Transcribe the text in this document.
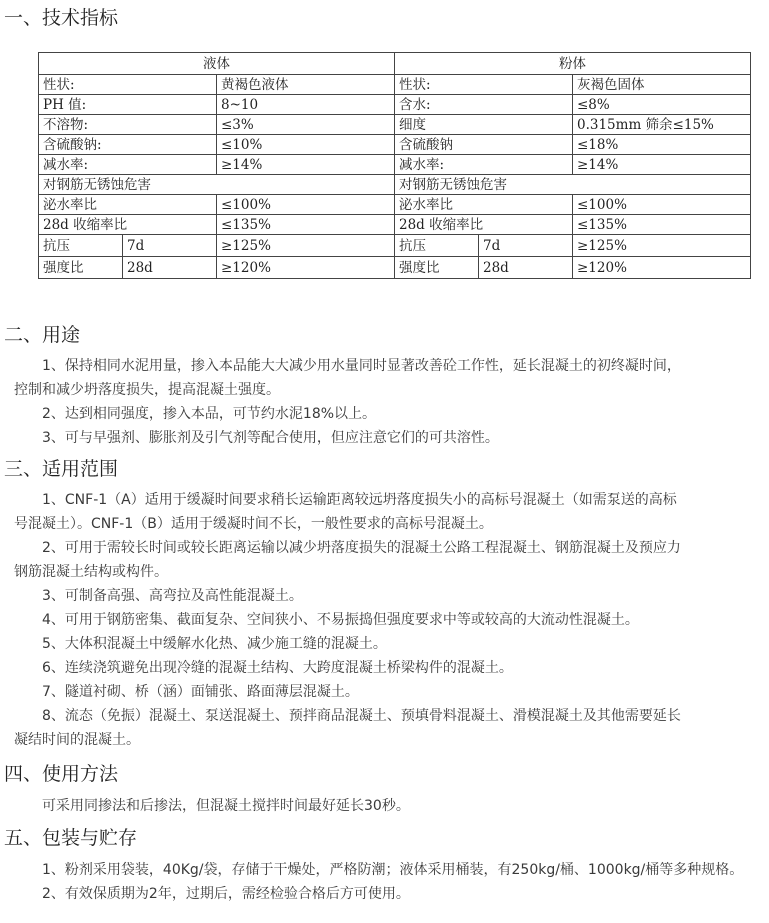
一、技术指标
液体			粉体		
性状:		黄褐色液体	性状:		灰褐色固体
PH 值:		8~10	含水:		≤8%
不溶物:		≤3%	细度		0.315mm 筛余≤15%
含硫酸钠:		≤10%	含硫酸钠		≤18%
减水率:		≥14%	减水率:		≥14%
对钢筋无锈蚀危害			对钢筋无锈蚀危害		
泌水率比		≤100%	泌水率比		≤100%
28d 收缩率比		≤135%	28d 收缩率比		≤135%
抗压	7d	≥125%	抗压	7d	≥125%
强度比	28d	≥120%	强度比	28d	≥120%
二、用途
1、保持相同水泥用量，掺入本品能大大减少用水量同时显著改善砼工作性，延长混凝土的初终凝时间，
控制和减少坍落度损失，提高混凝土强度。
2、达到相同强度，掺入本品，可节约水泥18%以上。
3、可与早强剂、膨胀剂及引气剂等配合使用，但应注意它们的可共溶性。
三、适用范围
1、CNF-1（A）适用于缓凝时间要求稍长运输距离较远坍落度损失小的高标号混凝土（如需泵送的高标
号混凝土）。CNF-1（B）适用于缓凝时间不长，一般性要求的高标号混凝土。
2、可用于需较长时间或较长距离运输以减少坍落度损失的混凝土公路工程混凝土、钢筋混凝土及预应力
钢筋混凝土结构或构件。
3、可制备高强、高弯拉及高性能混凝土。
4、可用于钢筋密集、截面复杂、空间狭小、不易振捣但强度要求中等或较高的大流动性混凝土。
5、大体积混凝土中缓解水化热、减少施工缝的混凝土。
6、连续浇筑避免出现冷缝的混凝土结构、大跨度混凝土桥梁构件的混凝土。
7、隧道衬砌、桥（涵）面铺张、路面薄层混凝土。
8、流态（免振）混凝土、泵送混凝土、预拌商品混凝土、预填骨料混凝土、滑模混凝土及其他需要延长
凝结时间的混凝土。
四、使用方法
可采用同掺法和后掺法，但混凝土搅拌时间最好延长30秒。
五、包装与贮存
1、粉剂采用袋装，40Kg/袋，存储于干燥处，严格防潮；液体采用桶装，有250kg/桶、1000kg/桶等多种规格。
2、有效保质期为2年，过期后，需经检验合格后方可使用。
